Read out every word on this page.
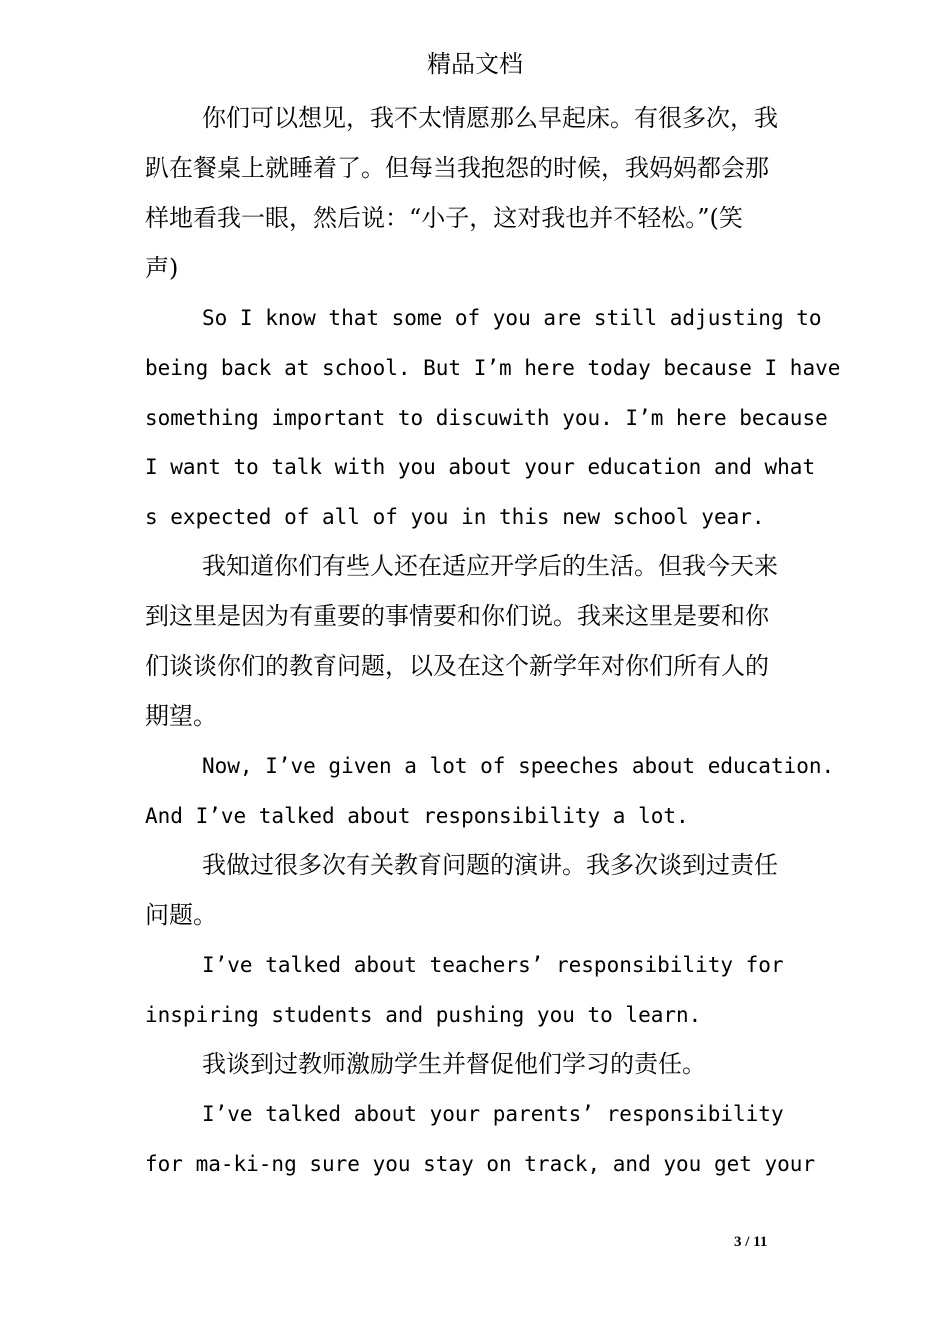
精品文档
你们可以想见，我不太情愿那么早起床。有很多次，我
趴在餐桌上就睡着了。但每当我抱怨的时候，我妈妈都会那
样地看我一眼，然后说：“小子，这对我也并不轻松。”(笑
声)
So I know that some of you are still adjusting to
being back at school. But I’m here today because I have
something important to discuwith you. I’m here because
I want to talk with you about your education and what
s expected of all of you in this new school year.
我知道你们有些人还在适应开学后的生活。但我今天来
到这里是因为有重要的事情要和你们说。我来这里是要和你
们谈谈你们的教育问题，以及在这个新学年对你们所有人的
期望。
Now, I’ve given a lot of speeches about education.
And I’ve talked about responsibility a lot.
我做过很多次有关教育问题的演讲。我多次谈到过责任
问题。
I’ve talked about teachers’ responsibility for
inspiring students and pushing you to learn.
我谈到过教师激励学生并督促他们学习的责任。
I’ve talked about your parents’ responsibility
for ma-ki-ng sure you stay on track, and you get your
3 / 11
